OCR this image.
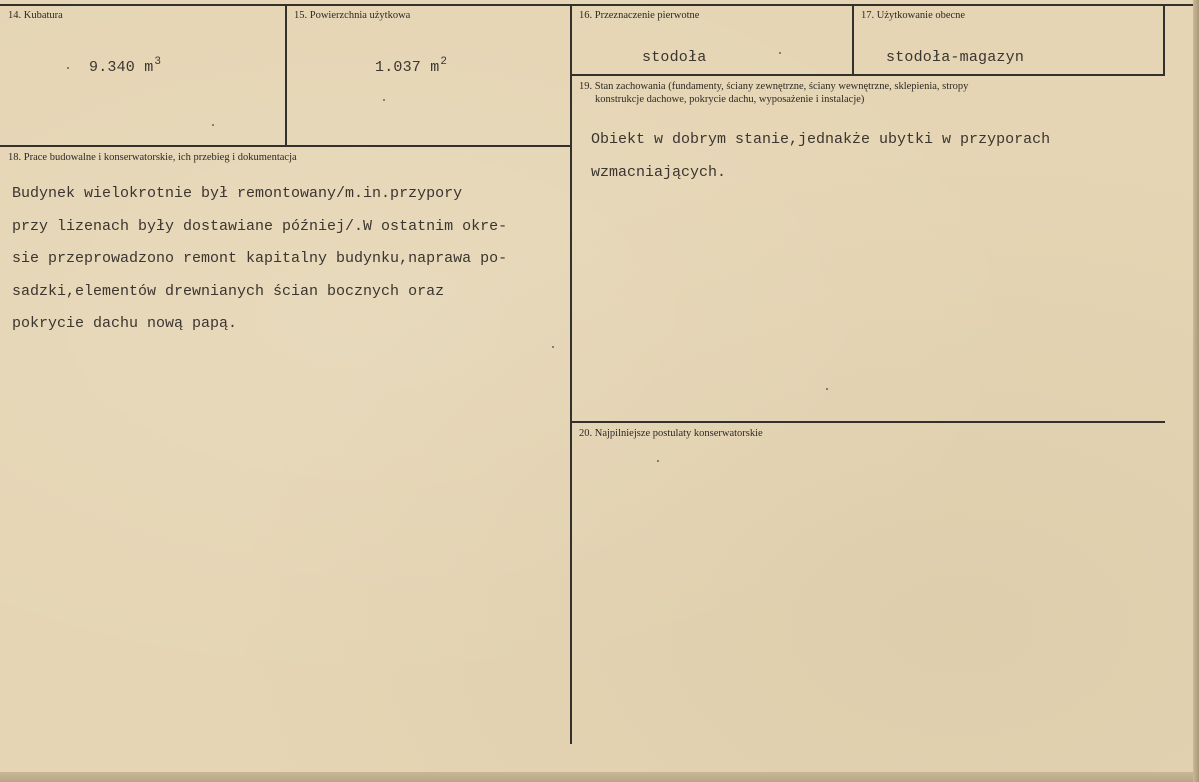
14. Kubatura
9.340 $m^3$
15. Powierzchnia użytkowa
1.037 $m^2$
16. Przeznaczenie pierwotne
stodoła
17. Użytkowanie obecne
stodoła-magazyn
18. Prace budowalne i konserwatorskie, ich przebieg i dokumentacja
Budynek wielokrotnie był remontowany/m.in.przypory
przy lizenach były dostawiane później/.W ostatnim okre-
sie przeprowadzono remont kapitalny budynku,naprawa po-
sadzki,elementów drewnianych ścian bocznych oraz
pokrycie dachu nową papą.
19. Stan zachowania (fundamenty, ściany zewnętrzne, ściany wewnętrzne, sklepienia, stropy
konstrukcje dachowe, pokrycie dachu, wyposażenie i instalacje)
Obiekt w dobrym stanie,jednakże ubytki w przyporach
wzmacniających.
20. Najpilniejsze postulaty konserwatorskie
